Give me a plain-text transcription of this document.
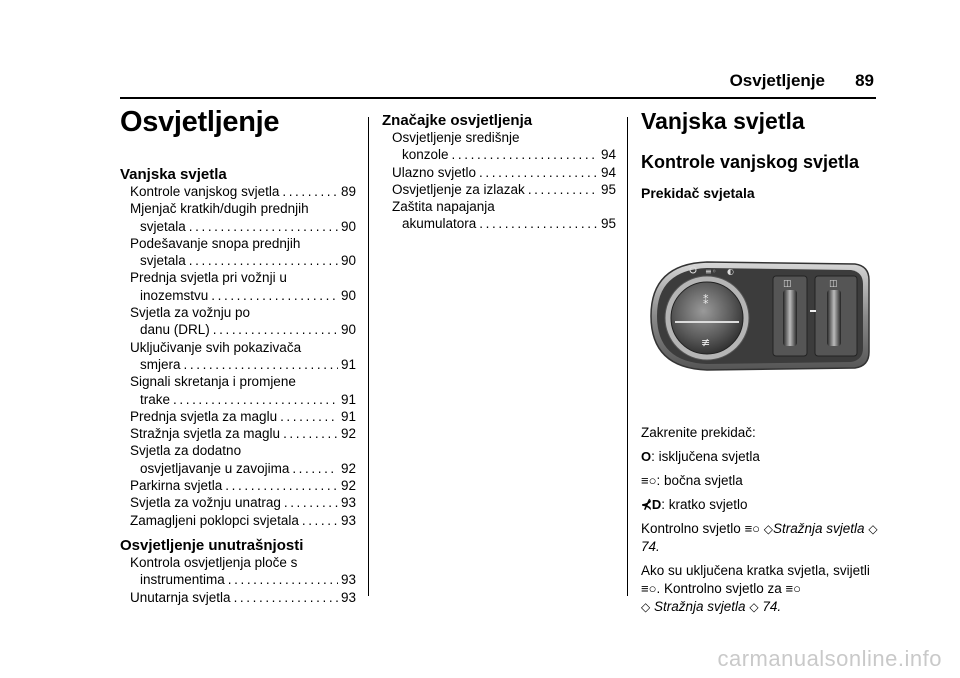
Osvjetljenje 89
Osvjetljenje
Vanjska svjetla
Kontrole vanjskog svjetla .....	89
Mjenjač kratkih/dugih prednjih
svjetala .....	90
Podešavanje snopa prednjih
svjetala .....	90
Prednja svjetla pri vožnji u
inozemstvu .....	90
Svjetla za vožnju po
danu (DRL) .....	90
Uključivanje svih pokazivača
smjera .....	91
Signali skretanja i promjene
trake .....	91
Prednja svjetla za maglu .....	91
Stražnja svjetla za maglu .....	92
Svjetla za dodatno
osvjetljavanje u zavojima .....	92
Parkirna svjetla .....	92
Svjetla za vožnju unatrag .....	93
Zamagljeni poklopci svjetala .....	93
Osvjetljenje unutrašnjosti
Kontrola osvjetljenja ploče s
instrumentima .....	93
Unutarnja svjetla .....	93
Značajke osvjetljenja
Osvjetljenje središnje
konzole .....	94
Ulazno svjetlo .....	94
Osvjetljenje za izlazak .....	95
Zaštita napajanja
akumulatora .....	95
Vanjska svjetla
Kontrole vanjskog svjetla
Prekidač svjetala
⁑
≢
≡◦ ◐
◫	◫
Zakrenite prekidač:
O: isključena svjetla
≡○: bočna svjetla
⊀D: kratko svjetlo
Kontrolno svjetlo ≡○ ◇Stražnja svjetla ◇ 74.
Ako su uključena kratka svjetla, svijetli ≡○. Kontrolno svjetlo za ≡○
◇ Stražnja svjetla ◇ 74.
carmanualsonline.info
